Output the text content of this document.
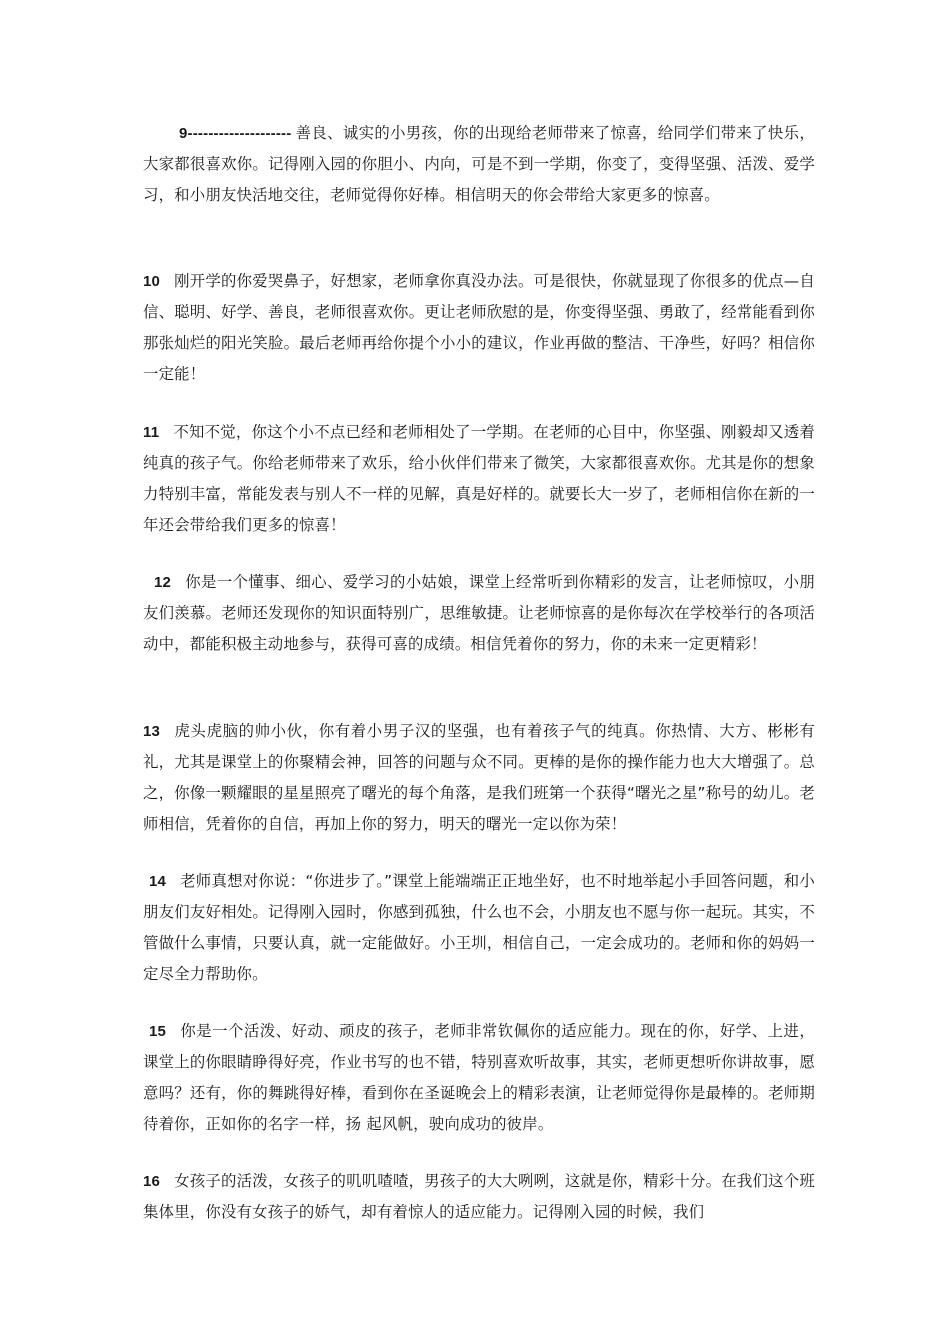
9-------------------- 善良、诚实的小男孩，你的出现给老师带来了惊喜，给同学们带来了快乐，大家都很喜欢你。记得刚入园的你胆小、内向，可是不到一学期，你变了，变得坚强、活泼、爱学习，和小朋友快活地交往，老师觉得你好棒。相信明天的你会带给大家更多的惊喜。

10 刚开学的你爱哭鼻子，好想家，老师拿你真没办法。可是很快，你就显现了你很多的优点—自信、聪明、好学、善良，老师很喜欢你。更让老师欣慰的是，你变得坚强、勇敢了，经常能看到你那张灿烂的阳光笑脸。最后老师再给你提个小小的建议，作业再做的整洁、干净些，好吗？相信你一定能！

11 不知不觉，你这个小不点已经和老师相处了一学期。在老师的心目中，你坚强、刚毅却又透着纯真的孩子气。你给老师带来了欢乐，给小伙伴们带来了微笑，大家都很喜欢你。尤其是你的想象力特别丰富，常能发表与别人不一样的见解，真是好样的。就要长大一岁了，老师相信你在新的一年还会带给我们更多的惊喜！

12 你是一个懂事、细心、爱学习的小姑娘，课堂上经常听到你精彩的发言，让老师惊叹，小朋友们羡慕。老师还发现你的知识面特别广，思维敏捷。让老师惊喜的是你每次在学校举行的各项活动中，都能积极主动地参与，获得可喜的成绩。相信凭着你的努力，你的未来一定更精彩！

13 虎头虎脑的帅小伙，你有着小男子汉的坚强，也有着孩子气的纯真。你热情、大方、彬彬有礼，尤其是课堂上的你聚精会神，回答的问题与众不同。更棒的是你的操作能力也大大增强了。总之，你像一颗耀眼的星星照亮了曙光的每个角落，是我们班第一个获得“曙光之星”称号的幼儿。老师相信，凭着你的自信，再加上你的努力，明天的曙光一定以你为荣！

14 老师真想对你说：“你进步了。”课堂上能端端正正地坐好，也不时地举起小手回答问题，和小朋友们友好相处。记得刚入园时，你感到孤独，什么也不会，小朋友也不愿与你一起玩。其实，不管做什么事情，只要认真，就一定能做好。小王圳，相信自己，一定会成功的。老师和你的妈妈一定尽全力帮助你。

15 你是一个活泼、好动、顽皮的孩子，老师非常钦佩你的适应能力。现在的你，好学、上进，课堂上的你眼睛睁得好亮，作业书写的也不错，特别喜欢听故事，其实，老师更想听你讲故事，愿意吗？还有，你的舞跳得好棒，看到你在圣诞晚会上的精彩表演，让老师觉得你是最棒的。老师期待着你，正如你的名字一样，扬 起风帆，驶向成功的彼岸。

16 女孩子的活泼，女孩子的叽叽喳喳，男孩子的大大咧咧，这就是你，精彩十分。在我们这个班集体里，你没有女孩子的娇气，却有着惊人的适应能力。记得刚入园的时候，我们
